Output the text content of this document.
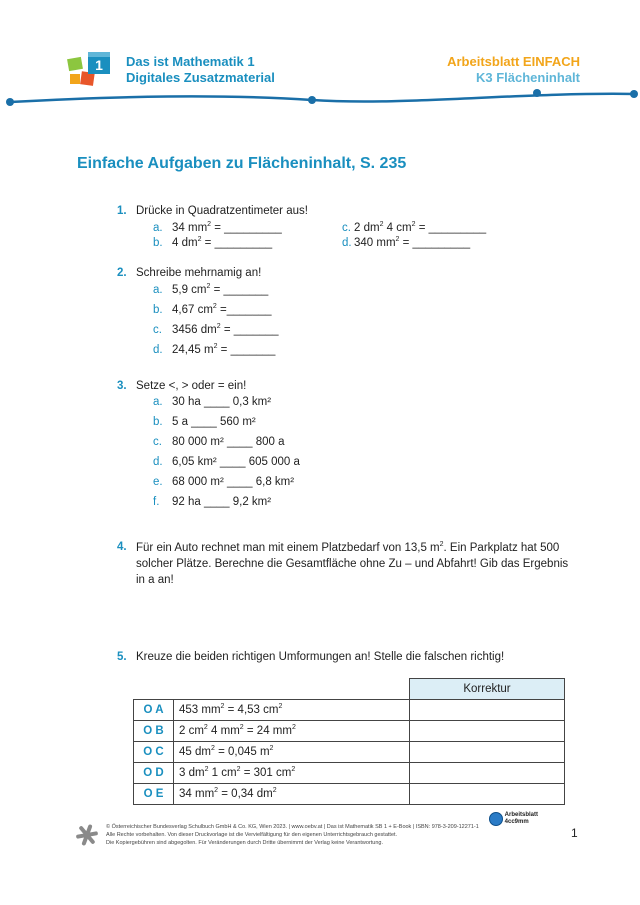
1 Das ist Mathematik 1
Digitales Zusatzmaterial
Arbeitsblatt EINFACH
K3 Flächeninhalt
Einfache Aufgaben zu Flächeninhalt, S. 235
1. Drücke in Quadratzentimeter aus!
a. 34 $mm^2$ = _________
b. 4 $dm^2$ = _________
c. 2 $dm^2$ 4 $cm^2$ = _________
d. 340 $mm^2$ = _________
2. Schreibe mehrnamig an!
a. 5,9 $cm^2$ = _______
b. 4,67 $cm^2$ =_______
c. 3456 $dm^2$ = _______
d. 24,45 $m^2$ = _______
3. Setze <, > oder = ein!
a. 30 ha ____ 0,3 km²
b. 5 a ____ 560 m²
c. 80 000 m² ____ 800 a
d. 6,05 km² ____ 605 000 a
e. 68 000 m² ____ 6,8 km²
f. 92 ha ____ 9,2 km²
4. Für ein Auto rechnet man mit einem Platzbedarf von 13,5 $m^2$. Ein Parkplatz hat 500 solcher Plätze. Berechne die Gesamtfläche ohne Zu – und Abfahrt! Gib das Ergebnis in a an!
5. Kreuze die beiden richtigen Umformungen an! Stelle die falschen richtig!
		Korrektur
O A	453 $mm^2 = 4,53$ $cm^2$	
O B	2 $cm^2$ 4 $mm^2 = 24$ $mm^2$	
O C	45 $dm^2 = 0,045$ $m^2$	
O D	3 $dm^2$ 1 $cm^2 = 301$ $cm^2$	
O E	34 $mm^2 = 0,34$ $dm^2$	
© Österreichischer Bundesverlag Schulbuch GmbH & Co. KG, Wien 2023. | www.oebv.at | Das ist Mathematik SB 1 + E-Book | ISBN: 978-3-209-12271-1
Alle Rechte vorbehalten. Von dieser Druckvorlage ist die Vervielfältigung für den eigenen Unterrichtsgebrauch gestattet.
Die Kopiergebühren sind abgegolten. Für Veränderungen durch Dritte übernimmt der Verlag keine Verantwortung.
Arbeitsblatt
4cc9mm
1
